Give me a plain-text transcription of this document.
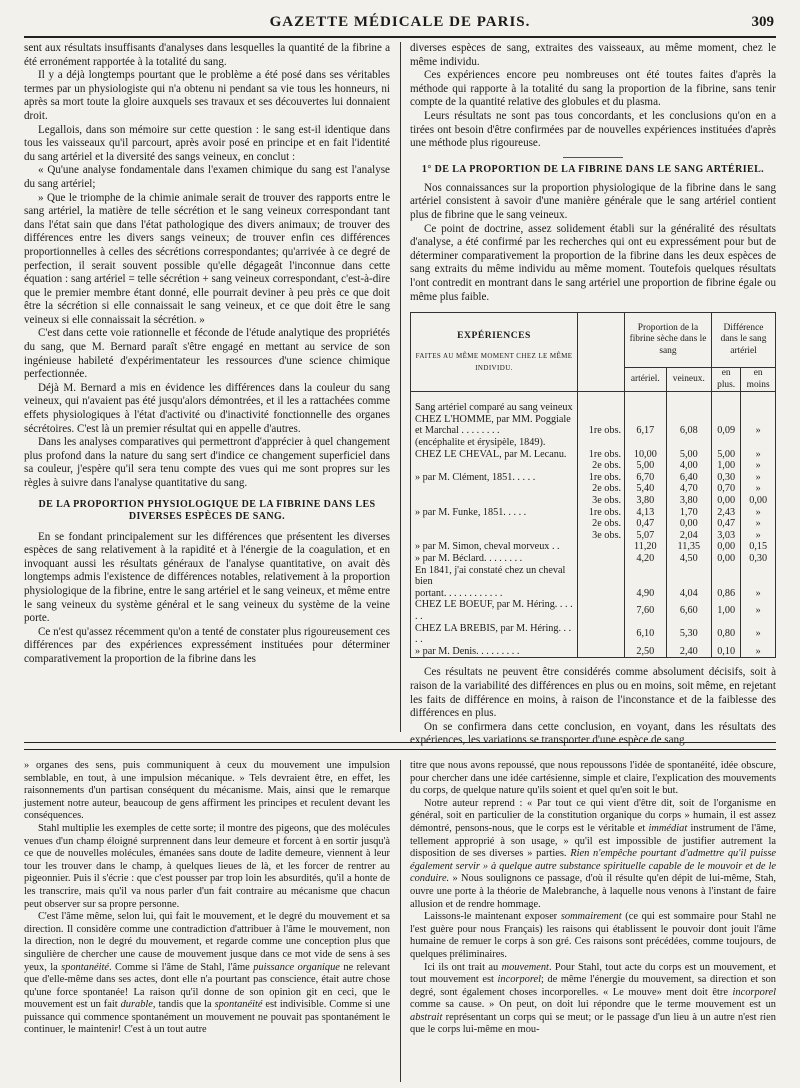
GAZETTE MÉDICALE DE PARIS.	309

sent aux résultats insuffisants d'analyses dans lesquelles la quantité de la fibrine a été erronément rapportée à la totalité du sang.

Il y a déjà longtemps pourtant que le problème a été posé dans ses véritables termes par un physiologiste qui n'a obtenu ni pendant sa vie tous les honneurs, ni après sa mort toute la gloire auxquels ses travaux et ses découvertes lui donnaient droit.

Legallois, dans son mémoire sur cette question : le sang est-il identique dans tous les vaisseaux qu'il parcourt, après avoir posé en principe et en fait l'identité du sang artériel et la diversité des sangs veineux, en conclut :

« Qu'une analyse fondamentale dans l'examen chimique du sang est l'analyse du sang artériel;

» Que le triomphe de la chimie animale serait de trouver des rapports entre le sang artériel, la matière de telle sécrétion et le sang veineux correspondant tant dans l'état sain que dans l'état pathologique des divers animaux; de trouver des différences entre les divers sangs veineux; de trouver enfin ces différences proportionnelles à celles des sécrétions correspondantes; qu'arrivée à ce degré de perfection, il serait souvent possible qu'elle dégageât l'inconnue dans cette équation : sang artériel = telle sécrétion + sang veineux correspondant, c'est-à-dire que le premier membre étant donné, elle pourrait deviner à peu près ce que doit être la sécrétion si elle connaissait le sang veineux, et ce que doit être le sang veineux si elle connaissait la sécrétion. »

C'est dans cette voie rationnelle et féconde de l'étude analytique des propriétés du sang, que M. Bernard paraît s'être engagé en mettant au service de son ingénieuse habileté d'expérimentateur les ressources d'une science chimique perfectionnée.

Déjà M. Bernard a mis en évidence les différences dans la couleur du sang veineux, qui n'avaient pas été jusqu'alors démontrées, et il les a rattachées comme effets physiologiques à l'état d'activité ou d'inactivité fonctionnelle des organes sécrétoires. C'est là un premier résultat qui en appelle d'autres.

Dans les analyses comparatives qui permettront d'apprécier à quel changement plus profond dans la nature du sang sert d'indice ce changement superficiel dans sa couleur, j'espère qu'il sera tenu compte des vues qui me sont propres sur les règles à suivre dans l'analyse quantitative du sang.

DE LA PROPORTION PHYSIOLOGIQUE DE LA FIBRINE DANS LES DIVERSES ESPÈCES DE SANG.

En se fondant principalement sur les différences que présentent les diverses espèces de sang relativement à la rapidité et à l'énergie de la coagulation, et en invoquant aussi les résultats généraux de l'analyse quantitative, on avait dès longtemps admis l'existence de différences notables, relativement à la proportion physiologique de la fibrine, entre le sang artériel et le sang veineux, et même entre le sang veineux du système général et le sang veineux du système de la veine porte.

Ce n'est qu'assez récemment qu'on a tenté de constater plus rigoureusement ces différences par des expériences expressément instituées pour déterminer comparativement la proportion de la fibrine dans les

diverses espèces de sang, extraites des vaisseaux, au même moment, chez le même individu.

Ces expériences encore peu nombreuses ont été toutes faites d'après la méthode qui rapporte à la totalité du sang la proportion de la fibrine, sans tenir compte de la quantité relative des globules et du plasma.

Leurs résultats ne sont pas tous concordants, et les conclusions qu'on en a tirées ont besoin d'être confirmées par de nouvelles expériences instituées d'après une méthode plus rigoureuse.

1° DE LA PROPORTION DE LA FIBRINE DANS LE SANG ARTÉRIEL.

Nos connaissances sur la proportion physiologique de la fibrine dans le sang artériel consistent à savoir d'une manière générale que le sang artériel contient plus de fibrine que le sang veineux.

Ce point de doctrine, assez solidement établi sur la généralité des résultats d'analyse, a été confirmé par les recherches qui ont eu expressément pour but de déterminer comparativement la proportion de la fibrine dans les deux espèces de sang extraits du même individu au même moment. Toutefois quelques résultats l'ont contredit en montrant dans le sang artériel une proportion de fibrine égale ou même plus faible.

EXPÉRIENCES
FAITES AU MÊME MOMENT CHEZ LE MÊME INDIVIDU.		Proportion de la fibrine sèche dans le sang		Différence dans le sang artériel	
		artériel.	veineux.	en plus.	en moins
Sang artériel comparé au sang veineux					
CHEZ L'HOMME, par MM. Poggiale					
et Marchal . . . . . . . .	1re obs.	6,17	6,08	0,09	»
(encéphalite et érysipèle, 1849).					
CHEZ LE CHEVAL, par M. Lecanu.	1re obs.	10,00	5,00	5,00	»
	2e obs.	5,00	4,00	1,00	»
» par M. Clément, 1851. . . . .	1re obs.	6,70	6,40	0,30	»
	2e obs.	5,40	4,70	0,70	»
	3e obs.	3,80	3,80	0,00	0,00
» par M. Funke, 1851. . . . .	1re obs.	4,13	1,70	2,43	»
	2e obs.	0,47	0,00	0,47	»
	3e obs.	5,07	2,04	3,03	»
» par M. Simon, cheval morveux . .		11,20	11,35	0,00	0,15
» par M. Béclard. . . . . . . .		4,20	4,50	0,00	0,30
En 1841, j'ai constaté chez un cheval bien					
portant. . . . . . . . . . . .		4,90	4,04	0,86	»
CHEZ LE BOEUF, par M. Héring. . . . . .		7,60	6,60	1,00	»
CHEZ LA BREBIS, par M. Héring. . . . .		6,10	5,30	0,80	»
» par M. Denis. . . . . . . . .		2,50	2,40	0,10	»

Ces résultats ne peuvent être considérés comme absolument décisifs, soit à raison de la variabilité des différences en plus ou en moins, soit même, en rejetant les faits de différence en moins, à raison de l'inconstance et de la faiblesse des différences en plus.

On se confirmera dans cette conclusion, en voyant, dans les résultats des expériences, les variations se transporter d'une espèce de sang

» organes des sens, puis communiquent à ceux du mouvement une impulsion semblable, en tout, à une impulsion mécanique. » Tels devraient être, en effet, les raisonnements d'un partisan conséquent du mécanisme. Mais, ainsi que le remarque justement notre auteur, beaucoup de gens affirment les principes et reculent devant les conséquences.

Stahl multiplie les exemples de cette sorte; il montre des pigeons, que des molécules venues d'un champ éloigné surprennent dans leur demeure et forcent à en sortir jusqu'à ce que de nouvelles molécules, émanées sans doute de ladite demeure, viennent à leur tour les trouver dans le champ, à quelques lieues de là, et les forcer de rentrer au pigeonnier. Puis il s'écrie : que c'est pousser par trop loin les absurdités, qu'il a honte de les transcrire, mais qu'il va nous parler d'un fait contraire au mécanisme que chacun peut observer sur sa propre personne.

C'est l'âme même, selon lui, qui fait le mouvement, et le degré du mouvement et sa direction. Il considère comme une contradiction d'attribuer à l'âme le mouvement, non la direction, non le degré du mouvement, et regarde comme une conception plus que singulière de chercher une cause de mouvement jusque dans ce mot vide de sens à ses yeux, la spontanéité. Comme si l'âme de Stahl, l'âme puissance organique ne relevant que d'elle-même dans ses actes, dont elle n'a pourtant pas conscience, était autre chose qu'une force spontanée! La raison qu'il donne de son opinion git en ceci, que le mouvement est un fait durable, tandis que la spontanéité est indivisible. Comme si une puissance qui commence spontanément un mouvement ne pouvait pas spontanément le continuer, le maintenir! C'est à un tout autre

titre que nous avons repoussé, que nous repoussons l'idée de spontanéité, idée obscure, pour chercher dans une idée cartésienne, simple et claire, l'explication des mouvements du corps, de quelque nature qu'ils soient et quel qu'en soit le but.

Notre auteur reprend : « Par tout ce qui vient d'être dit, soit de l'organisme en général, soit en particulier de la constitution organique du corps » humain, il est assez démontré, pensons-nous, que le corps est le véritable et immédiat instrument de l'âme, tellement approprié à son usage, » qu'il est impossible de justifier autrement la disposition de ses diverses » parties. Rien n'empêche pourtant d'admettre qu'il puisse également servir » à quelque autre substance spirituelle capable de le mouvoir et de le conduire. » Nous soulignons ce passage, d'où il résulte qu'en dépit de lui-même, Stah, ouvre une porte à la théorie de Malebranche, à laquelle nous venons à l'instant de faire allusion et de rendre hommage.

Laissons-le maintenant exposer sommairement (ce qui est sommaire pour Stahl ne l'est guère pour nous Français) les raisons qui établissent le pouvoir dont jouit l'âme humaine de remuer le corps à son gré. Ces raisons sont précédées, comme toujours, de quelques préliminaires.

Ici ils ont trait au mouvement. Pour Stahl, tout acte du corps est un mouvement, et tout mouvement est incorporel; de même l'énergie du mouvement, sa direction et son degré, sont également choses incorporelles. « Le mouve» ment doit être incorporel comme sa cause. » On peut, on doit lui répondre que le terme mouvement est un abstrait représentant un corps qui se meut; or le passage d'un lieu à un autre n'est rien que le corps lui-même en mou-
